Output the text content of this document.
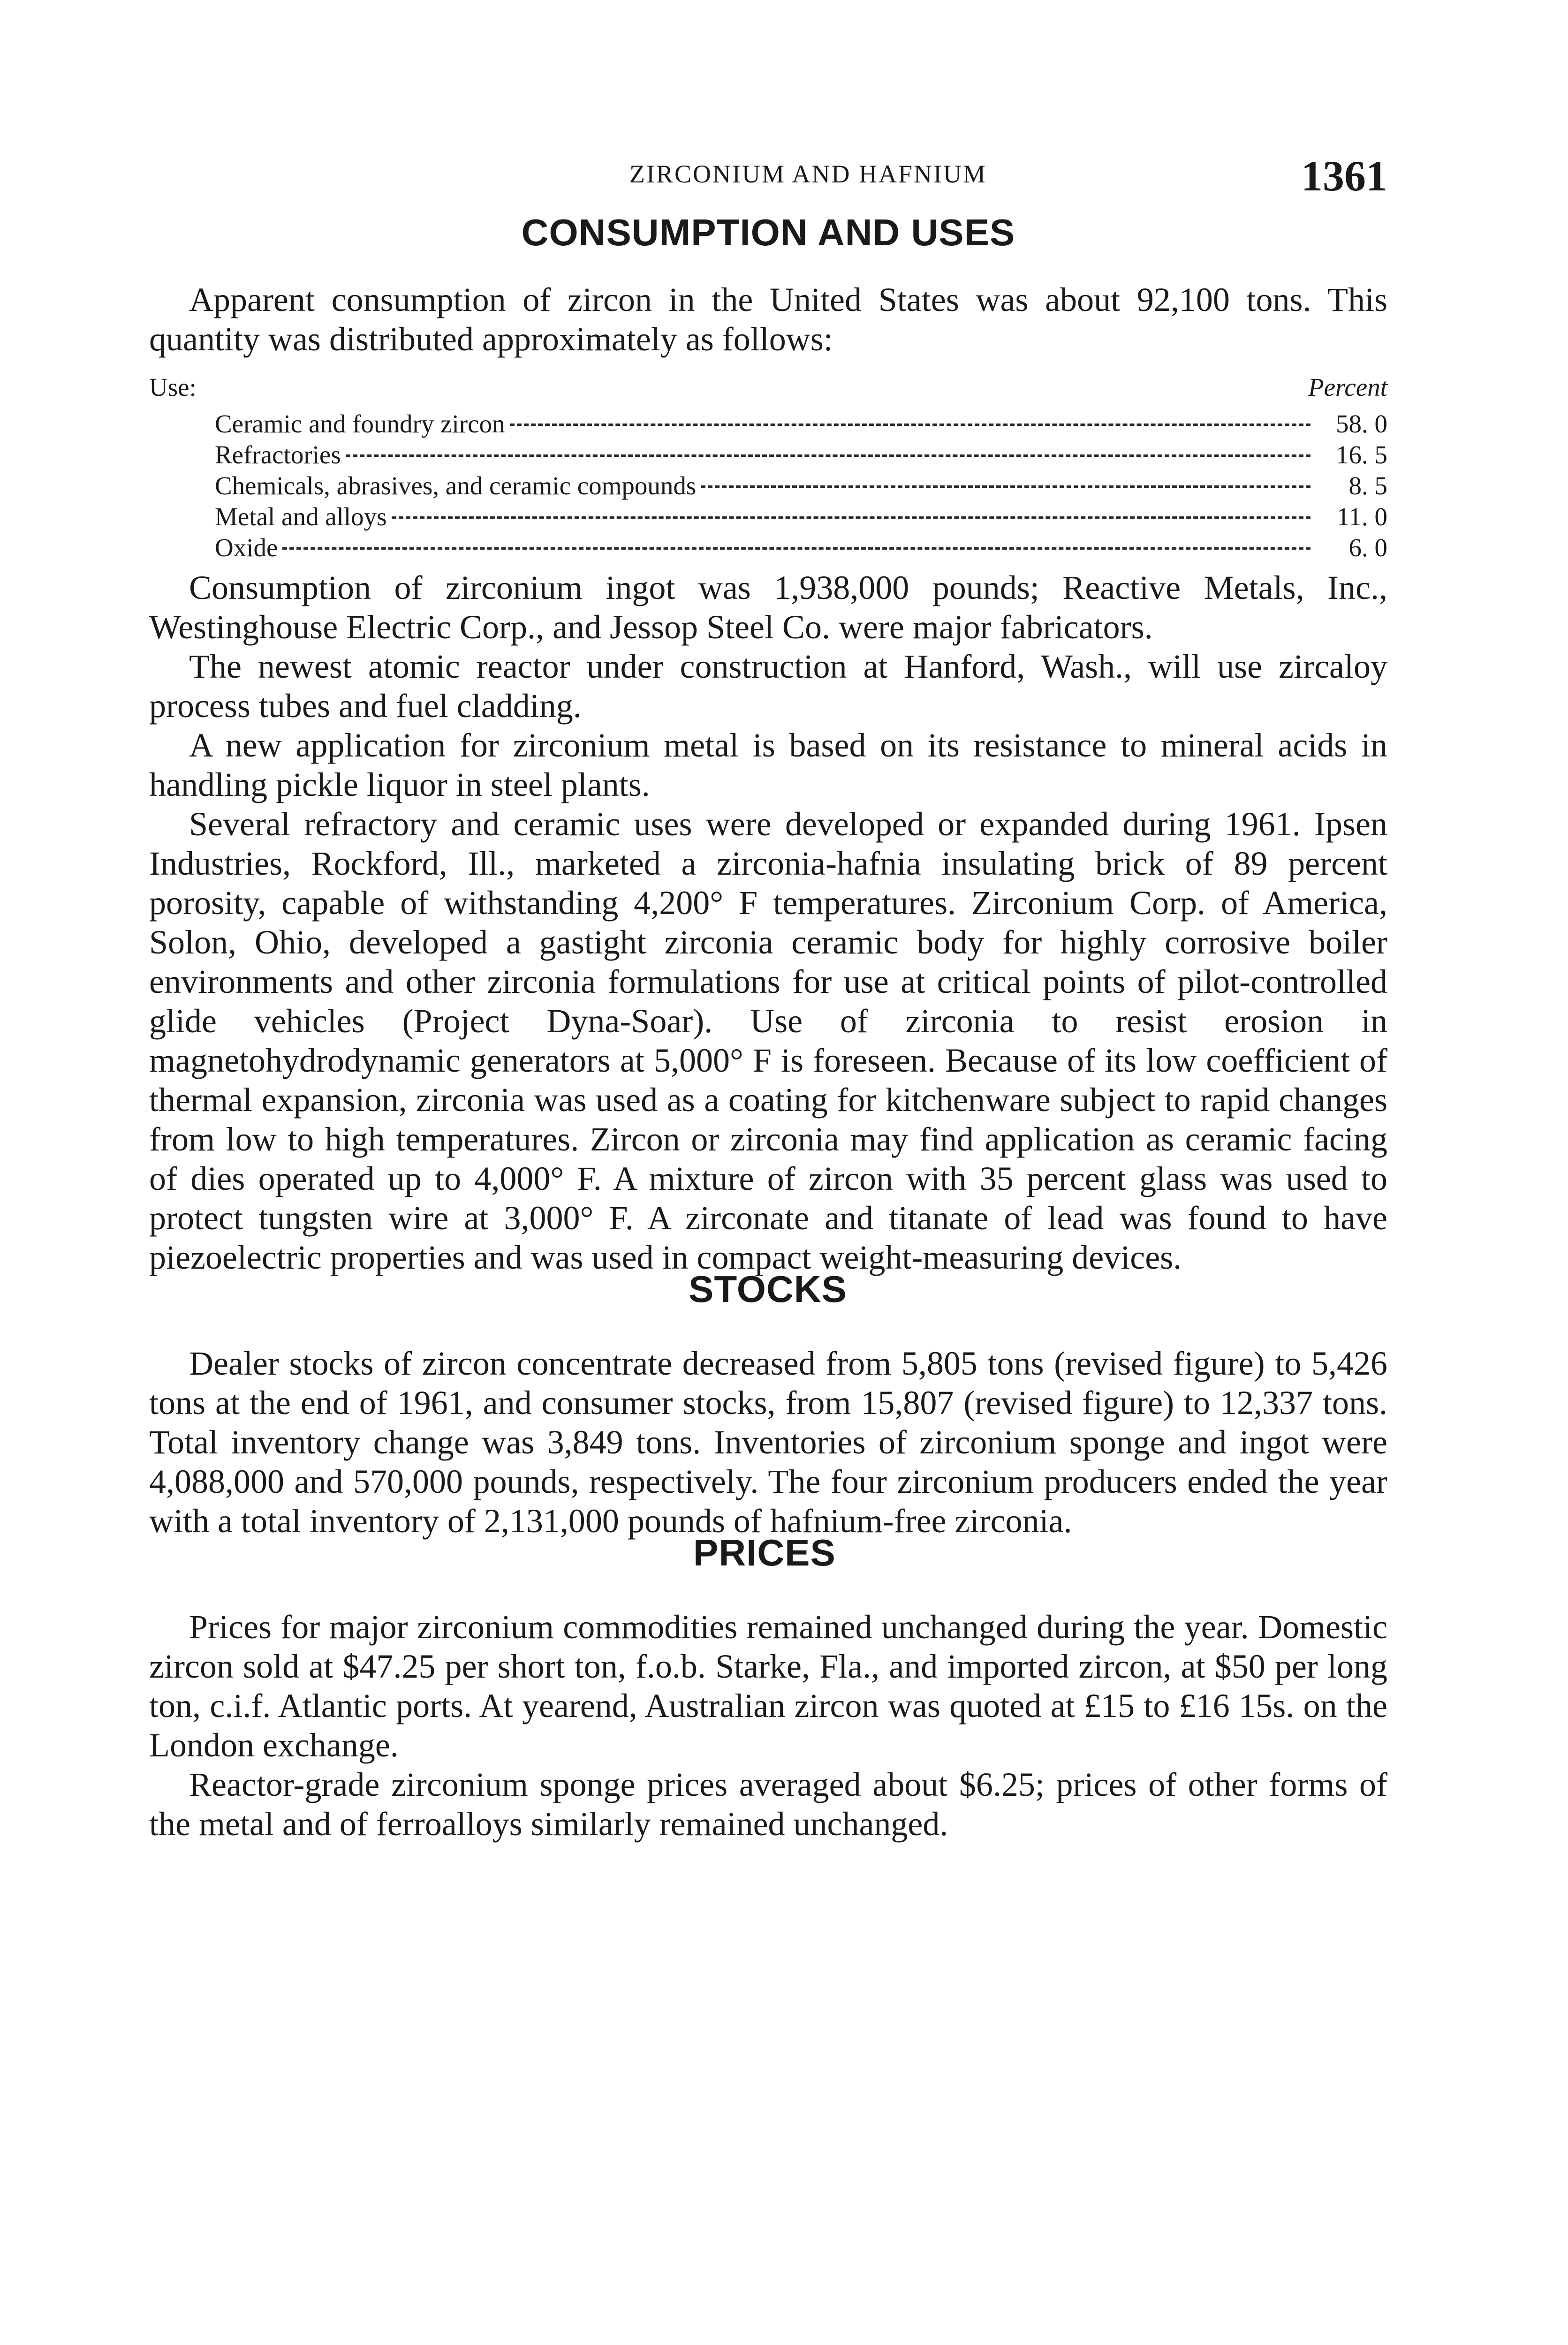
ZIRCONIUM AND HAFNIUM	1361
CONSUMPTION AND USES

Apparent consumption of zircon in the United States was about 92,100 tons. This quantity was distributed approximately as follows:

Use:	Percent
Ceramic and foundry zircon	58. 0
Refractories	16. 5
Chemicals, abrasives, and ceramic compounds	8. 5
Metal and alloys	11. 0
Oxide	6. 0

Consumption of zirconium ingot was 1,938,000 pounds; Reactive Metals, Inc., Westinghouse Electric Corp., and Jessop Steel Co. were major fabricators.

The newest atomic reactor under construction at Hanford, Wash., will use zircaloy process tubes and fuel cladding.

A new application for zirconium metal is based on its resistance to mineral acids in handling pickle liquor in steel plants.

Several refractory and ceramic uses were developed or expanded during 1961. Ipsen Industries, Rockford, Ill., marketed a zirconia-hafnia insulating brick of 89 percent porosity, capable of withstanding 4,200° F temperatures. Zirconium Corp. of America, Solon, Ohio, developed a gastight zirconia ceramic body for highly corrosive boiler environments and other zirconia formulations for use at critical points of pilot-controlled glide vehicles (Project Dyna-Soar). Use of zirconia to resist erosion in magnetohydrodynamic generators at 5,000° F is foreseen. Because of its low coefficient of thermal expansion, zirconia was used as a coating for kitchenware subject to rapid changes from low to high temperatures. Zircon or zirconia may find application as ceramic facing of dies operated up to 4,000° F. A mixture of zircon with 35 percent glass was used to protect tungsten wire at 3,000° F. A zirconate and titanate of lead was found to have piezoelectric properties and was used in compact weight-measuring devices.

STOCKS

Dealer stocks of zircon concentrate decreased from 5,805 tons (revised figure) to 5,426 tons at the end of 1961, and consumer stocks, from 15,807 (revised figure) to 12,337 tons. Total inventory change was 3,849 tons. Inventories of zirconium sponge and ingot were 4,088,000 and 570,000 pounds, respectively. The four zirconium producers ended the year with a total inventory of 2,131,000 pounds of hafnium-free zirconia.

PRICES

Prices for major zirconium commodities remained unchanged during the year. Domestic zircon sold at $47.25 per short ton, f.o.b. Starke, Fla., and imported zircon, at $50 per long ton, c.i.f. Atlantic ports. At yearend, Australian zircon was quoted at £15 to £16 15s. on the London exchange.

Reactor-grade zirconium sponge prices averaged about $6.25; prices of other forms of the metal and of ferroalloys similarly remained unchanged.
